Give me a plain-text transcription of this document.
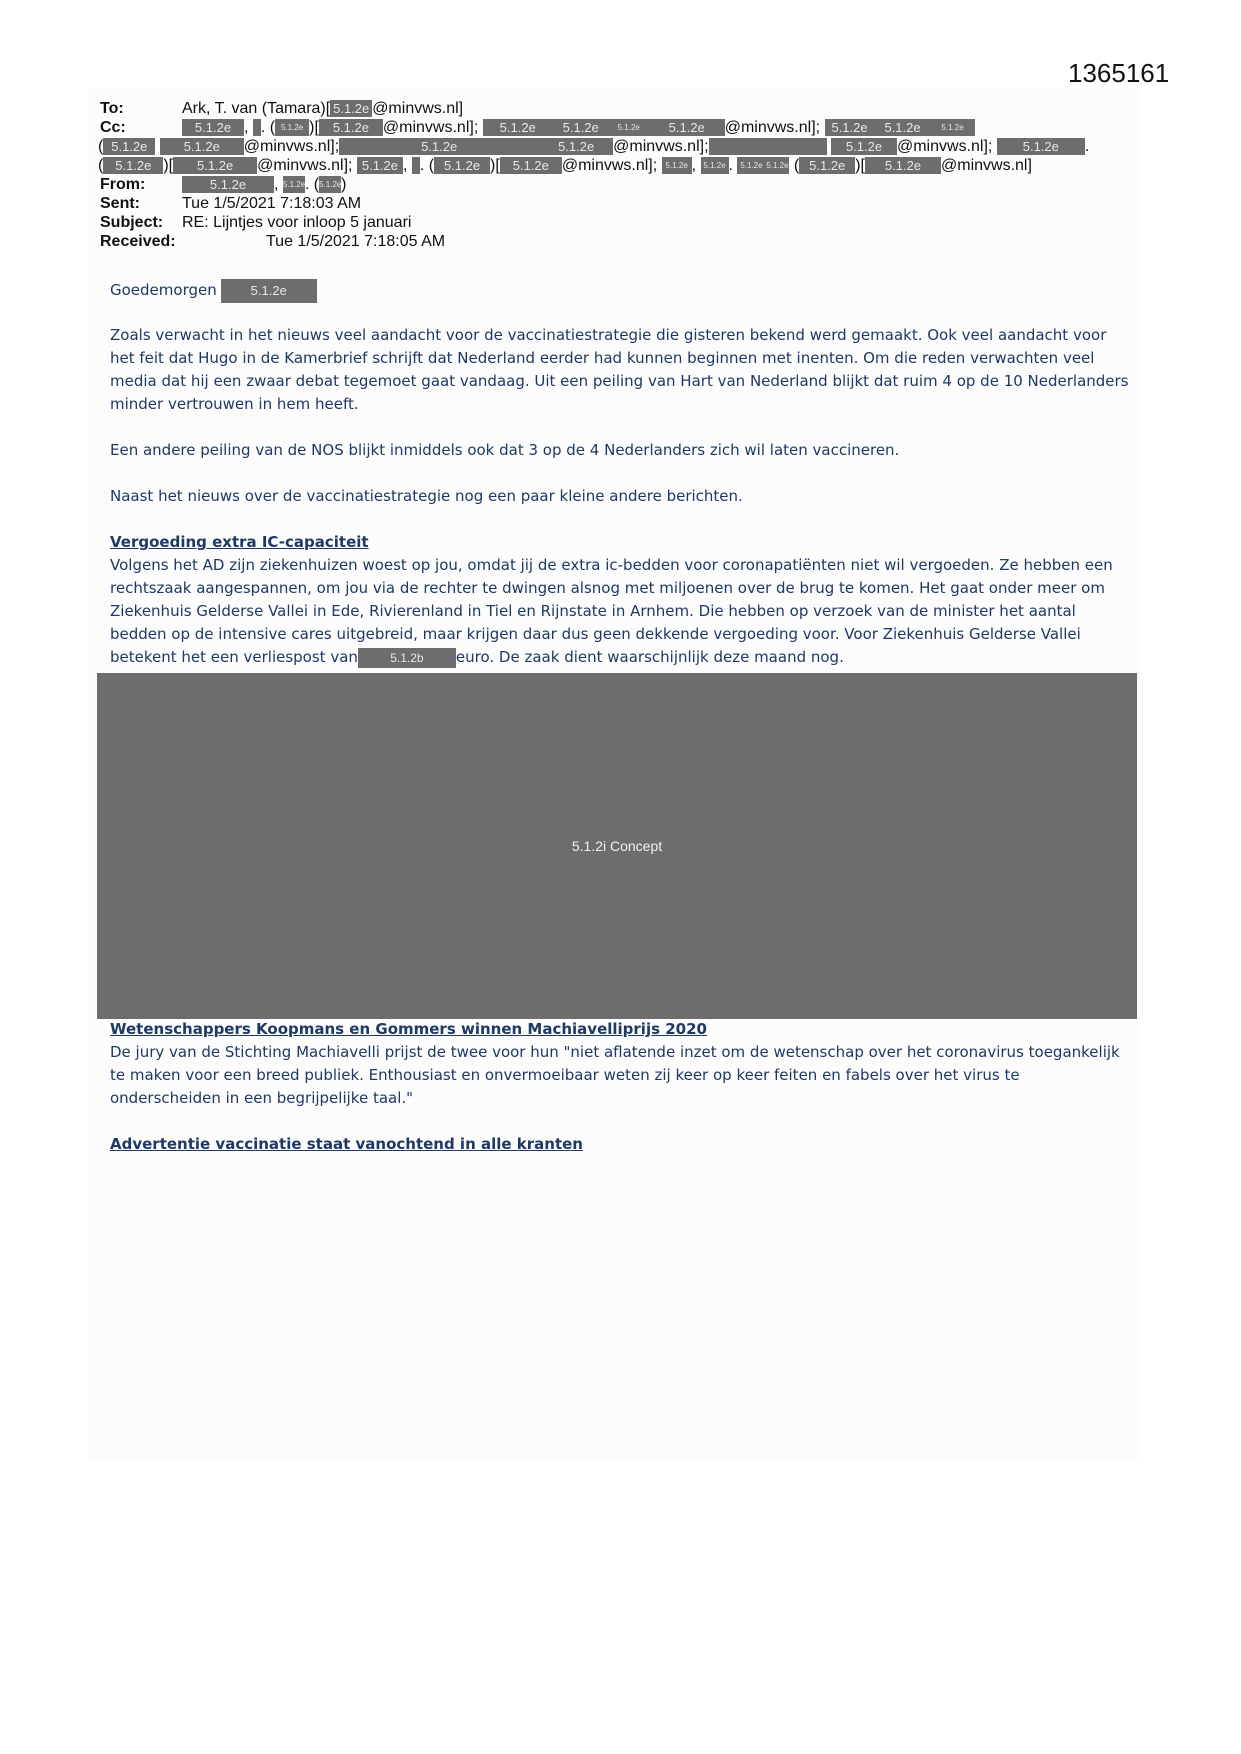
1365161
To:	Ark, T. van (Tamara)[ 5.1.2e @minvws.nl]
Cc:	5.1.2e , . ( 5.1.2e )[ 5.1.2e @minvws.nl]; 5.1.2e 5.1.2e 5.1.2e 5.1.2e @minvws.nl]; 5.1.2e 5.1.2e	5.1.2e
( 5.1.2e	5.1.2e @minvws.nl];	5.1.2e	5.1.2e @minvws.nl];	5.1.2e @minvws.nl]; 5.1.2e .
( 5.1.2e )[ 5.1.2e @minvws.nl]; 5.1.2e , . ( 5.1.2e )[ 5.1.2e @minvws.nl]; 5.1.2e , 5.1.2e . 5.1.2e 5.1.2e ( 5.1.2e )[ 5.1.2e @minvws.nl]
From:	5.1.2e , 5.1.2e. (5.1.2e)
Sent:	Tue 1/5/2021 7:18:03 AM
Subject: RE: Lijntjes voor inloop 5 januari
Received:	Tue 1/5/2021 7:18:05 AM

Goedemorgen	5.1.2e

Zoals verwacht in het nieuws veel aandacht voor de vaccinatiestrategie die gisteren bekend werd gemaakt. Ook veel aandacht voor het feit dat Hugo in de Kamerbrief schrijft dat Nederland eerder had kunnen beginnen met inenten. Om die reden verwachten veel media dat hij een zwaar debat tegemoet gaat vandaag. Uit een peiling van Hart van Nederland blijkt dat ruim 4 op de 10 Nederlanders minder vertrouwen in hem heeft.

Een andere peiling van de NOS blijkt inmiddels ook dat 3 op de 4 Nederlanders zich wil laten vaccineren.

Naast het nieuws over de vaccinatiestrategie nog een paar kleine andere berichten.

Vergoeding extra IC-capaciteit

Volgens het AD zijn ziekenhuizen woest op jou, omdat jij de extra ic-bedden voor coronapatiënten niet wil vergoeden. Ze hebben een rechtszaak aangespannen, om jou via de rechter te dwingen alsnog met miljoenen over de brug te komen. Het gaat onder meer om Ziekenhuis Gelderse Vallei in Ede, Rivierenland in Tiel en Rijnstate in Arnhem. Die hebben op verzoek van de minister het aantal bedden op de intensive cares uitgebreid, maar krijgen daar dus geen dekkende vergoeding voor. Voor Ziekenhuis Gelderse Vallei betekent het een verliespost van	5.1.2b euro. De zaak dient waarschijnlijk deze maand nog.

5.1.2i Concept

Wetenschappers Koopmans en Gommers winnen Machiavelliprijs 2020

De jury van de Stichting Machiavelli prijst de twee voor hun "niet aflatende inzet om de wetenschap over het coronavirus toegankelijk te maken voor een breed publiek. Enthousiast en onvermoeibaar weten zij keer op keer feiten en fabels over het virus te onderscheiden in een begrijpelijke taal."

Advertentie vaccinatie staat vanochtend in alle kranten
